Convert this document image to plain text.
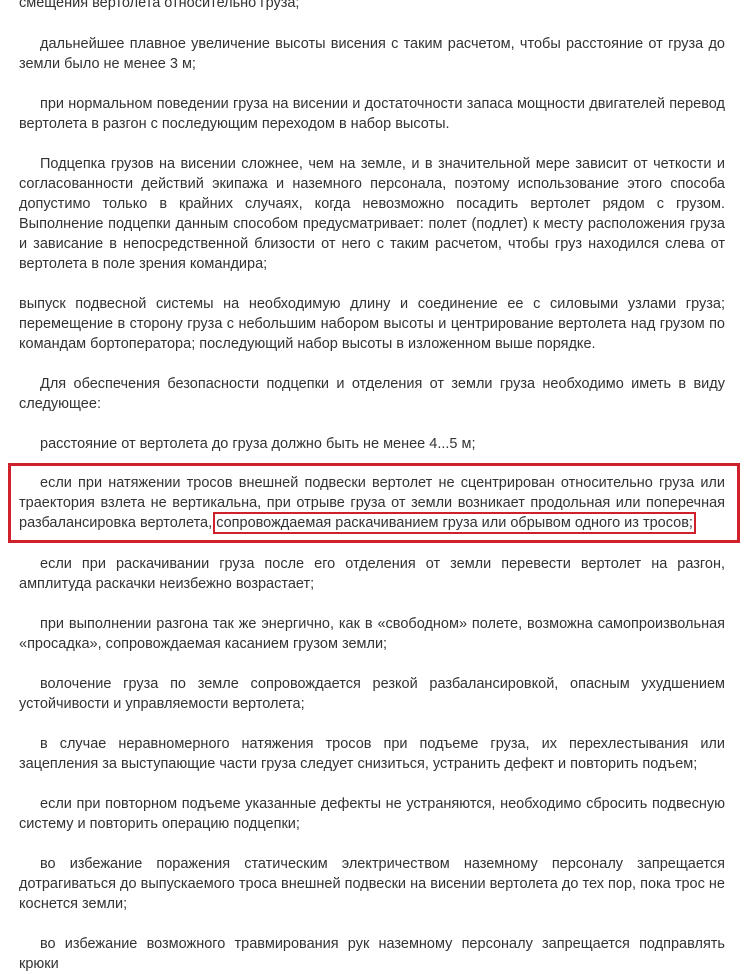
смещения вертолета относительно груза;

дальнейшее плавное увеличение высоты висения с таким расчетом, чтобы расстояние от груза до земли было не менее 3 м;

при нормальном поведении груза на висении и достаточности запаса мощности двигателей перевод вертолета в разгон с последующим переходом в набор высоты.

Подцепка грузов на висении сложнее, чем на земле, и в значительной мере зависит от четкости и согласованности действий экипажа и наземного персонала, поэтому использование этого способа допустимо только в крайних случаях, когда невозможно посадить вертолет рядом с грузом. Выполнение подцепки данным способом предусматривает: полет (подлет) к месту расположения груза и зависание в непосредственной близости от него с таким расчетом, чтобы груз находился слева от вертолета в поле зрения командира;

выпуск подвесной системы на необходимую длину и соединение ее с силовыми узлами груза; перемещение в сторону груза с небольшим набором высоты и центрирование вертолета над грузом по командам бортоператора; последующий набор высоты в изложенном выше порядке.

Для обеспечения безопасности подцепки и отделения от земли груза необходимо иметь в виду следующее:

расстояние от вертолета до груза должно быть не менее 4...5 м;

если при натяжении тросов внешней подвески вертолет не сцентрирован относительно груза или траектория взлета не вертикальна, при отрыве груза от земли возникает продольная или поперечная разбалансировка вертолета, сопровождаемая раскачиванием груза или обрывом одного из тросов;

если при раскачивании груза после его отделения от земли перевести вертолет на разгон, амплитуда раскачки неизбежно возрастает;

при выполнении разгона так же энергично, как в «свободном» полете, возможна самопроизвольная «просадка», сопровождаемая касанием грузом земли;

волочение груза по земле сопровождается резкой разбалансировкой, опасным ухудшением устойчивости и управляемости вертолета;

в случае неравномерного натяжения тросов при подъеме груза, их перехлестывания или зацепления за выступающие части груза следует снизиться, устранить дефект и повторить подъем;

если при повторном подъеме указанные дефекты не устраняются, необходимо сбросить подвесную систему и повторить операцию подцепки;

во избежание поражения статическим электричеством наземному персоналу запрещается дотрагиваться до выпускаемого троса внешней подвески на висении вертолета до тех пор, пока трос не коснется земли;

во избежание возможного травмирования рук наземному персоналу запрещается подправлять крюки
